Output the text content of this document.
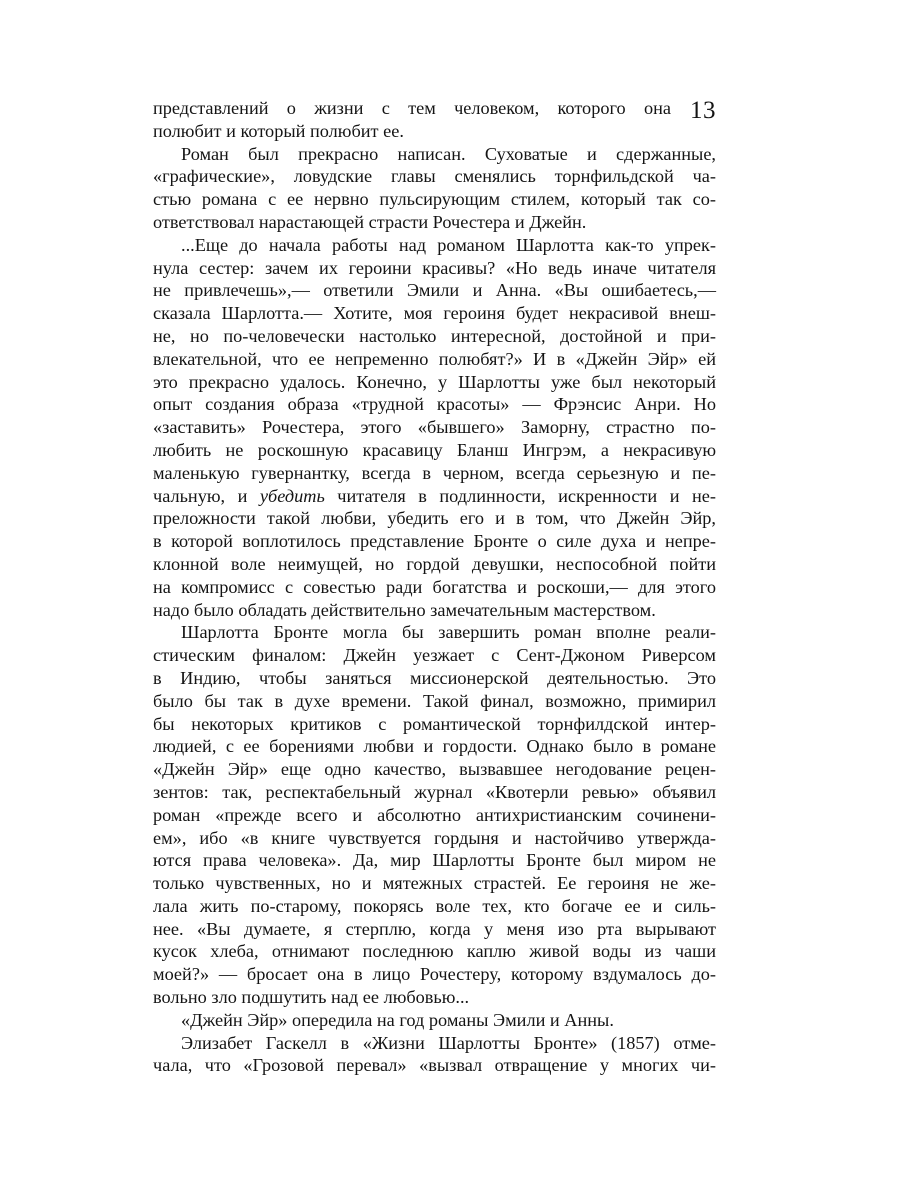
13
представлений о жизни с тем человеком, которого она
полюбит и который полюбит ее.
Роман был прекрасно написан. Суховатые и сдержанные,
«графические», ловудские главы сменялись торнфильдской ча-
стью романа с ее нервно пульсирующим стилем, который так со-
ответствовал нарастающей страсти Рочестера и Джейн.
...Еще до начала работы над романом Шарлотта как-то упрек-
нула сестер: зачем их героини красивы? «Но ведь иначе читателя
не привлечешь»,— ответили Эмили и Анна. «Вы ошибаетесь,—
сказала Шарлотта.— Хотите, моя героиня будет некрасивой внеш-
не, но по-человечески настолько интересной, достойной и при-
влекательной, что ее непременно полюбят?» И в «Джейн Эйр» ей
это прекрасно удалось. Конечно, у Шарлотты уже был некоторый
опыт создания образа «трудной красоты» — Фрэнсис Анри. Но
«заставить» Рочестера, этого «бывшего» Заморну, страстно по-
любить не роскошную красавицу Бланш Ингрэм, а некрасивую
маленькую гувернантку, всегда в черном, всегда серьезную и пе-
чальную, и убедить читателя в подлинности, искренности и не-
преложности такой любви, убедить его и в том, что Джейн Эйр,
в которой воплотилось представление Бронте о силе духа и непре-
клонной воле неимущей, но гордой девушки, неспособной пойти
на компромисс с совестью ради богатства и роскоши,— для этого
надо было обладать действительно замечательным мастерством.
Шарлотта Бронте могла бы завершить роман вполне реали-
стическим финалом: Джейн уезжает с Сент-Джоном Риверсом
в Индию, чтобы заняться миссионерской деятельностью. Это
было бы так в духе времени. Такой финал, возможно, примирил
бы некоторых критиков с романтической торнфилдской интер-
людией, с ее борениями любви и гордости. Однако было в романе
«Джейн Эйр» еще одно качество, вызвавшее негодование рецен-
зентов: так, респектабельный журнал «Квотерли ревью» объявил
роман «прежде всего и абсолютно антихристианским сочинени-
ем», ибо «в книге чувствуется гордыня и настойчиво утвержда-
ются права человека». Да, мир Шарлотты Бронте был миром не
только чувственных, но и мятежных страстей. Ее героиня не же-
лала жить по-старому, покорясь воле тех, кто богаче ее и силь-
нее. «Вы думаете, я стерплю, когда у меня изо рта вырывают
кусок хлеба, отнимают последнюю каплю живой воды из чаши
моей?» — бросает она в лицо Рочестеру, которому вздумалось до-
вольно зло подшутить над ее любовью...
«Джейн Эйр» опередила на год романы Эмили и Анны.
Элизабет Гаскелл в «Жизни Шарлотты Бронте» (1857) отме-
чала, что «Грозовой перевал» «вызвал отвращение у многих чи-
